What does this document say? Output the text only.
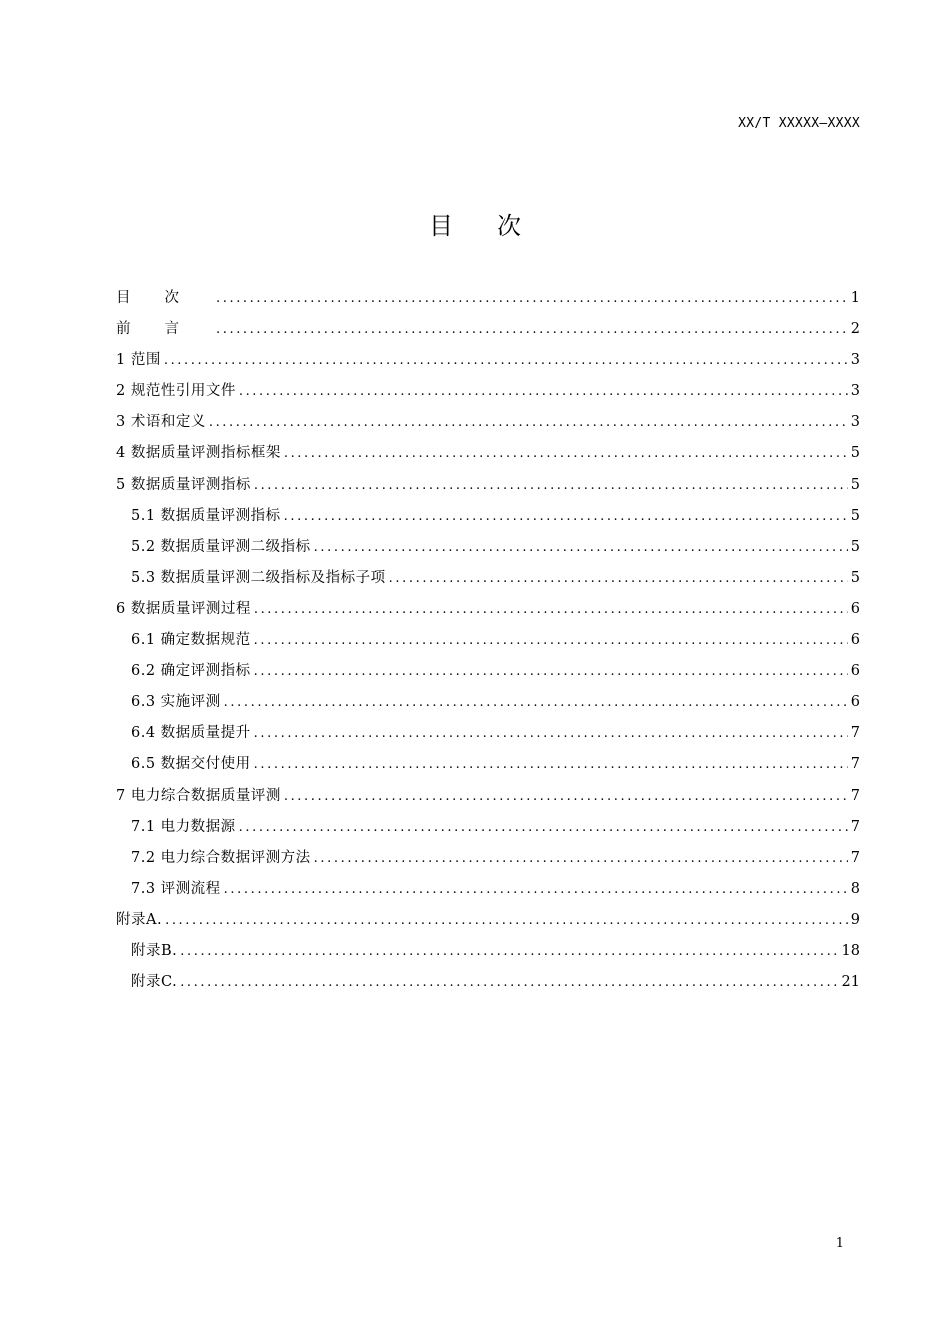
XX/T XXXXX—XXXX
目次
目次 .....	1
前言 .....	2
1 范围 .....	3
2 规范性引用文件 .....	3
3 术语和定义 .....	3
4 数据质量评测指标框架 .....	5
5 数据质量评测指标 .....	5
5.1 数据质量评测指标 .....	5
5.2 数据质量评测二级指标 .....	5
5.3 数据质量评测二级指标及指标子项 .....	5
6 数据质量评测过程 .....	6
6.1 确定数据规范 .....	6
6.2 确定评测指标 .....	6
6.3 实施评测 .....	6
6.4 数据质量提升 .....	7
6.5 数据交付使用 .....	7
7 电力综合数据质量评测 .....	7
7.1 电力数据源 .....	7
7.2 电力综合数据评测方法 .....	7
7.3 评测流程 .....	8
附录A. .....	9
附录B. .....	18
附录C. .....	21
1
